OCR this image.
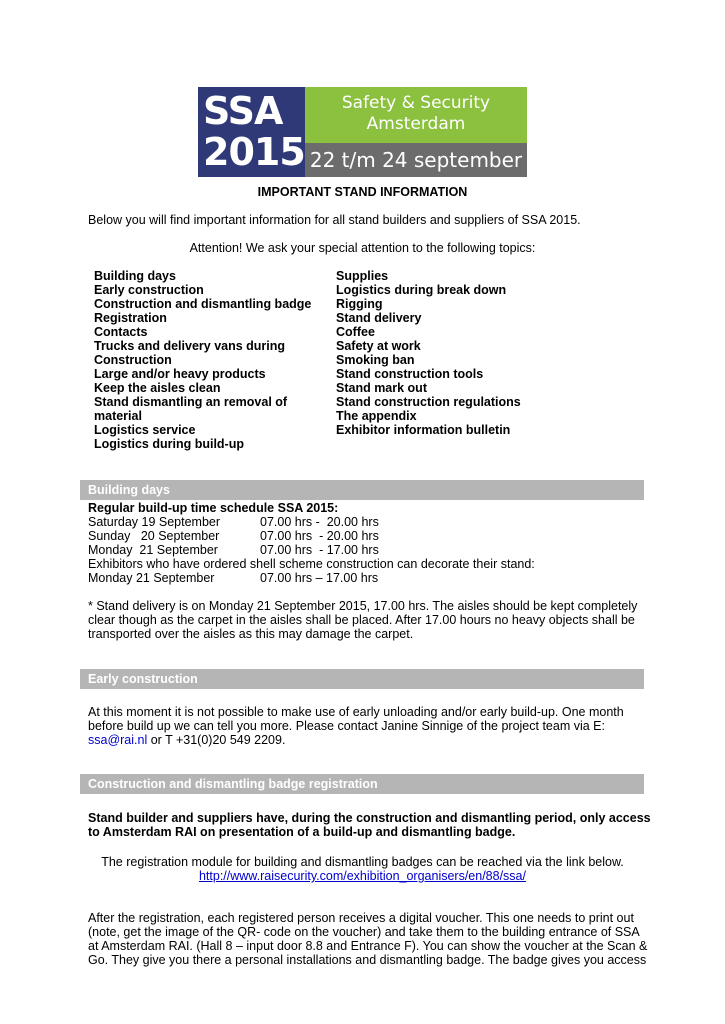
SSA
2015
Safety & Security
Amsterdam
22 t/m 24 september
IMPORTANT STAND INFORMATION
Below you will find important information for all stand builders and suppliers of SSA 2015.
Attention! We ask your special attention to the following topics:
Building days
Early construction
Construction and dismantling badge
Registration
Contacts
Trucks and delivery vans during
Construction
Large and/or heavy products
Keep the aisles clean
Stand dismantling an removal of
material
Logistics service
Logistics during build-up
Supplies
Logistics during break down
Rigging
Stand delivery
Coffee
Safety at work
Smoking ban
Stand construction tools
Stand mark out
Stand construction regulations
The appendix
Exhibitor information bulletin
Building days
Regular build-up time schedule SSA 2015:
Saturday 19 September	07.00 hrs -  20.00 hrs
Sunday   20 September	07.00 hrs  - 20.00 hrs
Monday  21 September	07.00 hrs  - 17.00 hrs
Exhibitors who have ordered shell scheme construction can decorate their stand:
Monday 21 September	07.00 hrs – 17.00 hrs
* Stand delivery is on Monday 21 September 2015, 17.00 hrs. The aisles should be kept completely
clear though as the carpet in the aisles shall be placed. After 17.00 hours no heavy objects shall be
transported over the aisles as this may damage the carpet.
Early construction
At this moment it is not possible to make use of early unloading and/or early build-up. One month
before build up we can tell you more. Please contact Janine Sinnige of the project team via E:
ssa@rai.nl or T +31(0)20 549 2209.
Construction and dismantling badge registration
Stand builder and suppliers have, during the construction and dismantling period, only access
to Amsterdam RAI on presentation of a build-up and dismantling badge.
The registration module for building and dismantling badges can be reached via the link below.
http://www.raisecurity.com/exhibition_organisers/en/88/ssa/
After the registration, each registered person receives a digital voucher. This one needs to print out
(note, get the image of the QR- code on the voucher) and take them to the building entrance of SSA
at Amsterdam RAI. (Hall 8 – input door 8.8 and Entrance F). You can show the voucher at the Scan &
Go. They give you there a personal installations and dismantling badge. The badge gives you access
